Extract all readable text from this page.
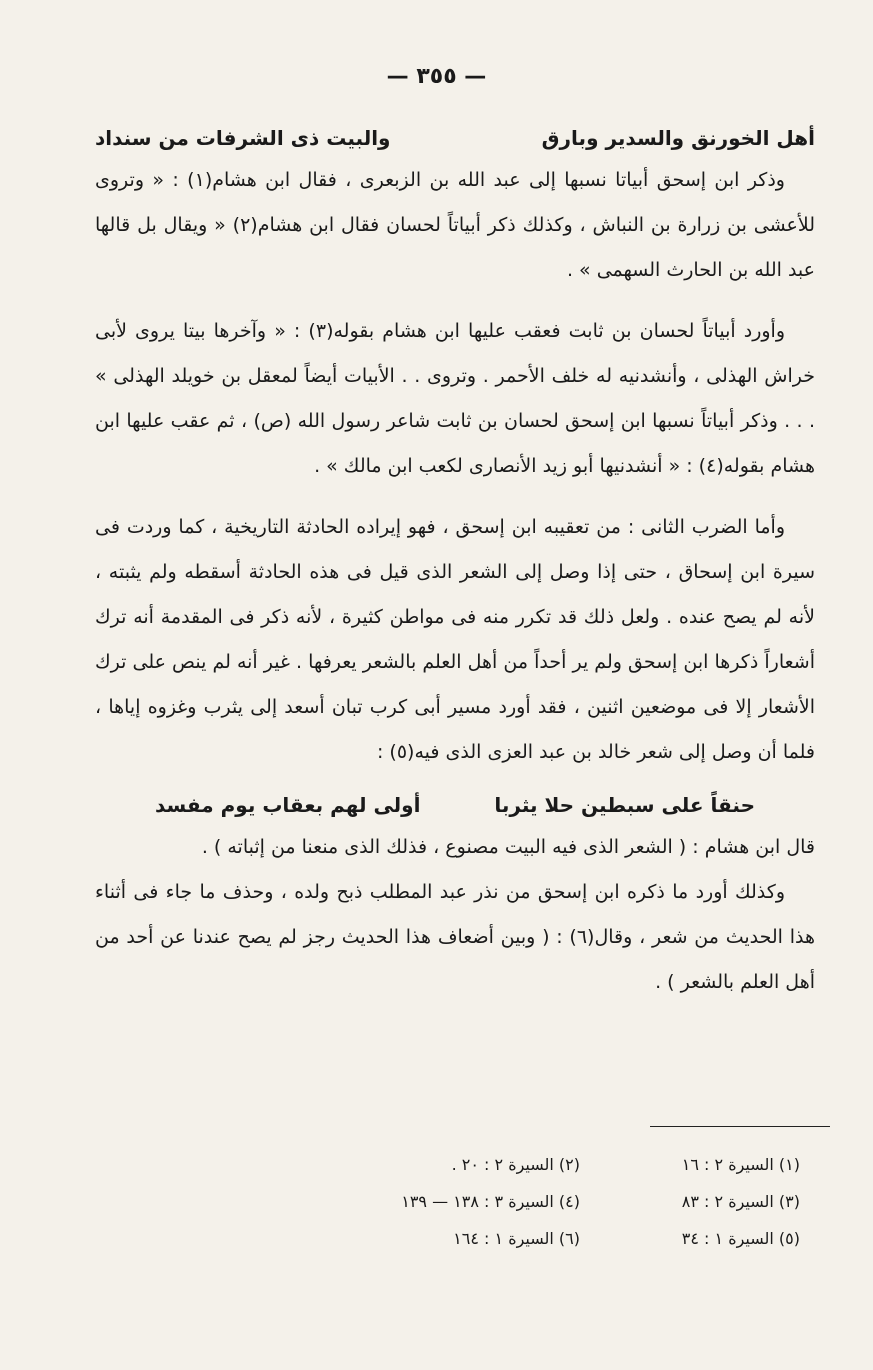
— ٣٥٥ —
أهل الخورنق والسدير وبارق
والبيت ذى الشرفات من سنداد

وذكر ابن إسحق أبياتا نسبها إلى عبد الله بن الزبعرى ، فقال ابن هشام(١) : « وتروى للأعشى بن زرارة بن النباش ، وكذلك ذكر أبياتاً لحسان فقال ابن هشام(٢) « ويقال بل قالها عبد الله بن الحارث السهمى » .

وأورد أبياتاً لحسان بن ثابت فعقب عليها ابن هشام بقوله(٣) : « وآخرها بيتا يروى لأبى خراش الهذلى ، وأنشدنيه له خلف الأحمر . وتروى . . الأبيات أيضاً لمعقل بن خويلد الهذلى » . . . وذكر أبياتاً نسبها ابن إسحق لحسان بن ثابت شاعر رسول الله (ص) ، ثم عقب عليها ابن هشام بقوله(٤) : « أنشدنيها أبو زيد الأنصارى لكعب ابن مالك » .

وأما الضرب الثانى : من تعقيبه ابن إسحق ، فهو إيراده الحادثة التاريخية ، كما وردت فى سيرة ابن إسحاق ، حتى إذا وصل إلى الشعر الذى قيل فى هذه الحادثة أسقطه ولم يثبته ، لأنه لم يصح عنده . ولعل ذلك قد تكرر منه فى مواطن كثيرة ، لأنه ذكر فى المقدمة أنه ترك أشعاراً ذكرها ابن إسحق ولم ير أحداً من أهل العلم بالشعر يعرفها . غير أنه لم ينص على ترك الأشعار إلا فى موضعين اثنين ، فقد أورد مسير أبى كرب تبان أسعد إلى يثرب وغزوه إياها ، فلما أن وصل إلى شعر خالد بن عبد العزى الذى فيه(٥) :

حنقاً على سبطين حلا يثربا
أولى لهم بعقاب يوم مفسد

قال ابن هشام : ( الشعر الذى فيه البيت مصنوع ، فذلك الذى منعنا من إثباته ) .

وكذلك أورد ما ذكره ابن إسحق من نذر عبد المطلب ذبح ولده ، وحذف ما جاء فى أثناء هذا الحديث من شعر ، وقال(٦) : ( وبين أضعاف هذا الحديث رجز لم يصح عندنا عن أحد من أهل العلم بالشعر ) .

(١) السيرة ٢ : ١٦
(٢) السيرة ٢ : ٢٠ .
(٣) السيرة ٢ : ٨٣
(٤) السيرة ٣ : ١٣٨ — ١٣٩
(٥) السيرة ١ : ٣٤
(٦) السيرة ١ : ١٦٤
